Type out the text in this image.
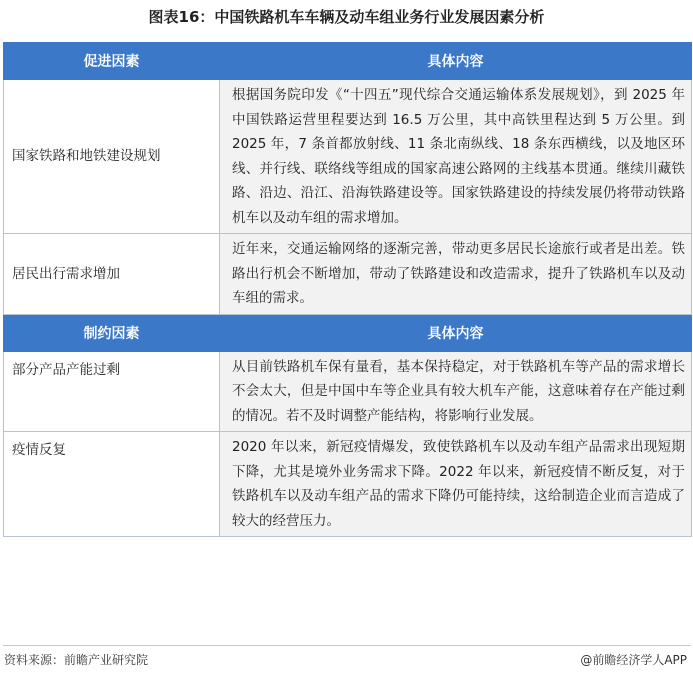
图表16：中国铁路机车车辆及动车组业务行业发展因素分析
促进因素	具体内容
国家铁路和地铁建设规划	根据国务院印发《“十四五”现代综合交通运输体系发展规划》，到 2025 年中国铁路运营里程要达到 16.5 万公里，其中高铁里程达到 5 万公里。到 2025 年，7 条首都放射线、11 条北南纵线、18 条东西横线，以及地区环线、并行线、联络线等组成的国家高速公路网的主线基本贯通。继续川藏铁路、沿边、沿江、沿海铁路建设等。国家铁路建设的持续发展仍将带动铁路机车以及动车组的需求增加。
居民出行需求增加	近年来，交通运输网络的逐渐完善，带动更多居民长途旅行或者是出差。铁路出行机会不断增加，带动了铁路建设和改造需求，提升了铁路机车以及动车组的需求。
制约因素	具体内容
部分产品产能过剩	从目前铁路机车保有量看，基本保持稳定，对于铁路机车等产品的需求增长不会太大，但是中国中车等企业具有较大机车产能，这意味着存在产能过剩的情况。若不及时调整产能结构，将影响行业发展。
疫情反复	2020 年以来，新冠疫情爆发，致使铁路机车以及动车组产品需求出现短期下降，尤其是境外业务需求下降。2022 年以来，新冠疫情不断反复，对于铁路机车以及动车组产品的需求下降仍可能持续，这给制造企业而言造成了较大的经营压力。
资料来源：前瞻产业研究院	@前瞻经济学人APP
